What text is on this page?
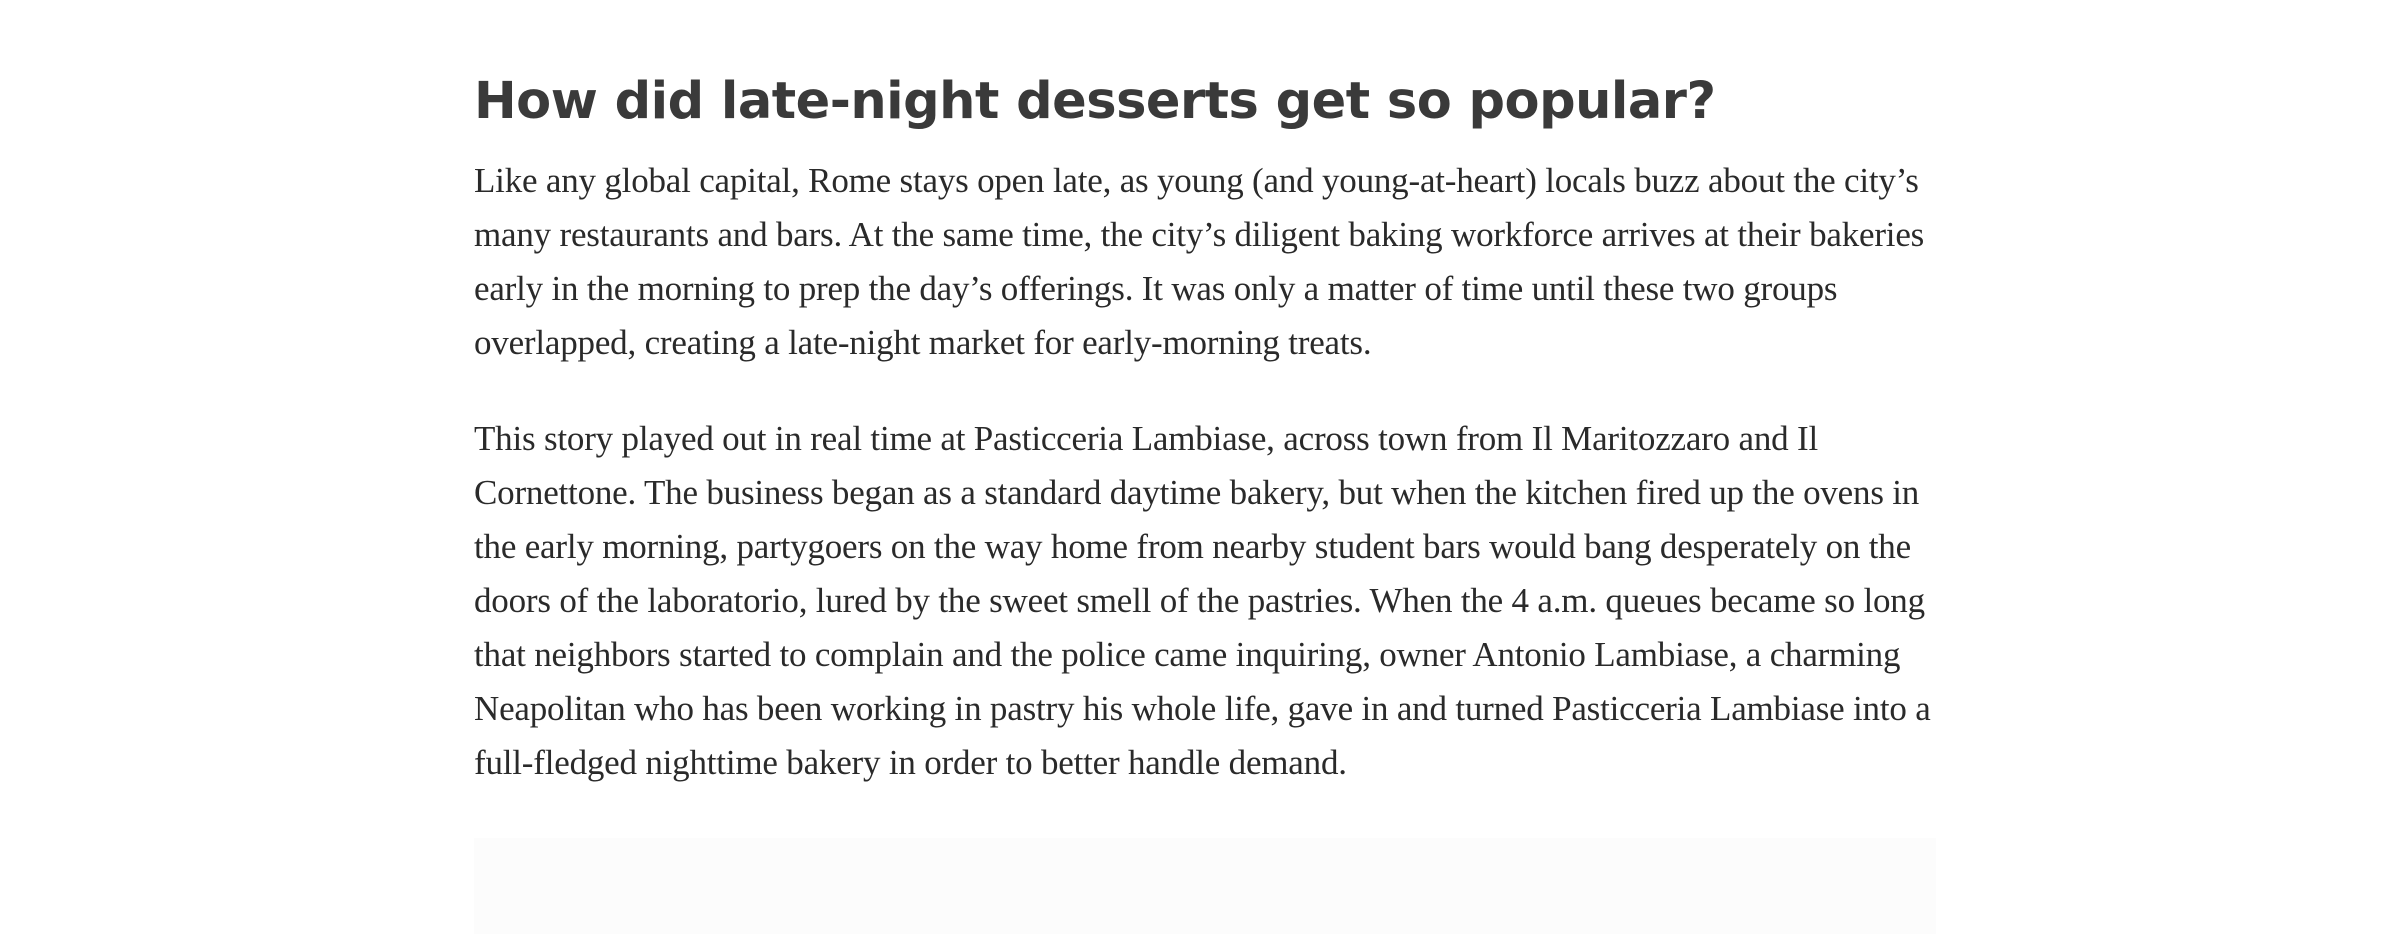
How did late-night desserts get so popular?

Like any global capital, Rome stays open late, as young (and young-at-heart) locals buzz about the city’s many restaurants and bars. At the same time, the city’s diligent baking workforce arrives at their bakeries early in the morning to prep the day’s offerings. It was only a matter of time until these two groups overlapped, creating a late-night market for early-morning treats.

This story played out in real time at Pasticceria Lambiase, across town from Il Maritozzaro and Il Cornettone. The business began as a standard daytime bakery, but when the kitchen fired up the ovens in the early morning, partygoers on the way home from nearby student bars would bang desperately on the doors of the laboratorio, lured by the sweet smell of the pastries. When the 4 a.m. queues became so long that neighbors started to complain and the police came inquiring, owner Antonio Lambiase, a charming Neapolitan who has been working in pastry his whole life, gave in and turned Pasticceria Lambiase into a full-fledged nighttime bakery in order to better handle demand.
